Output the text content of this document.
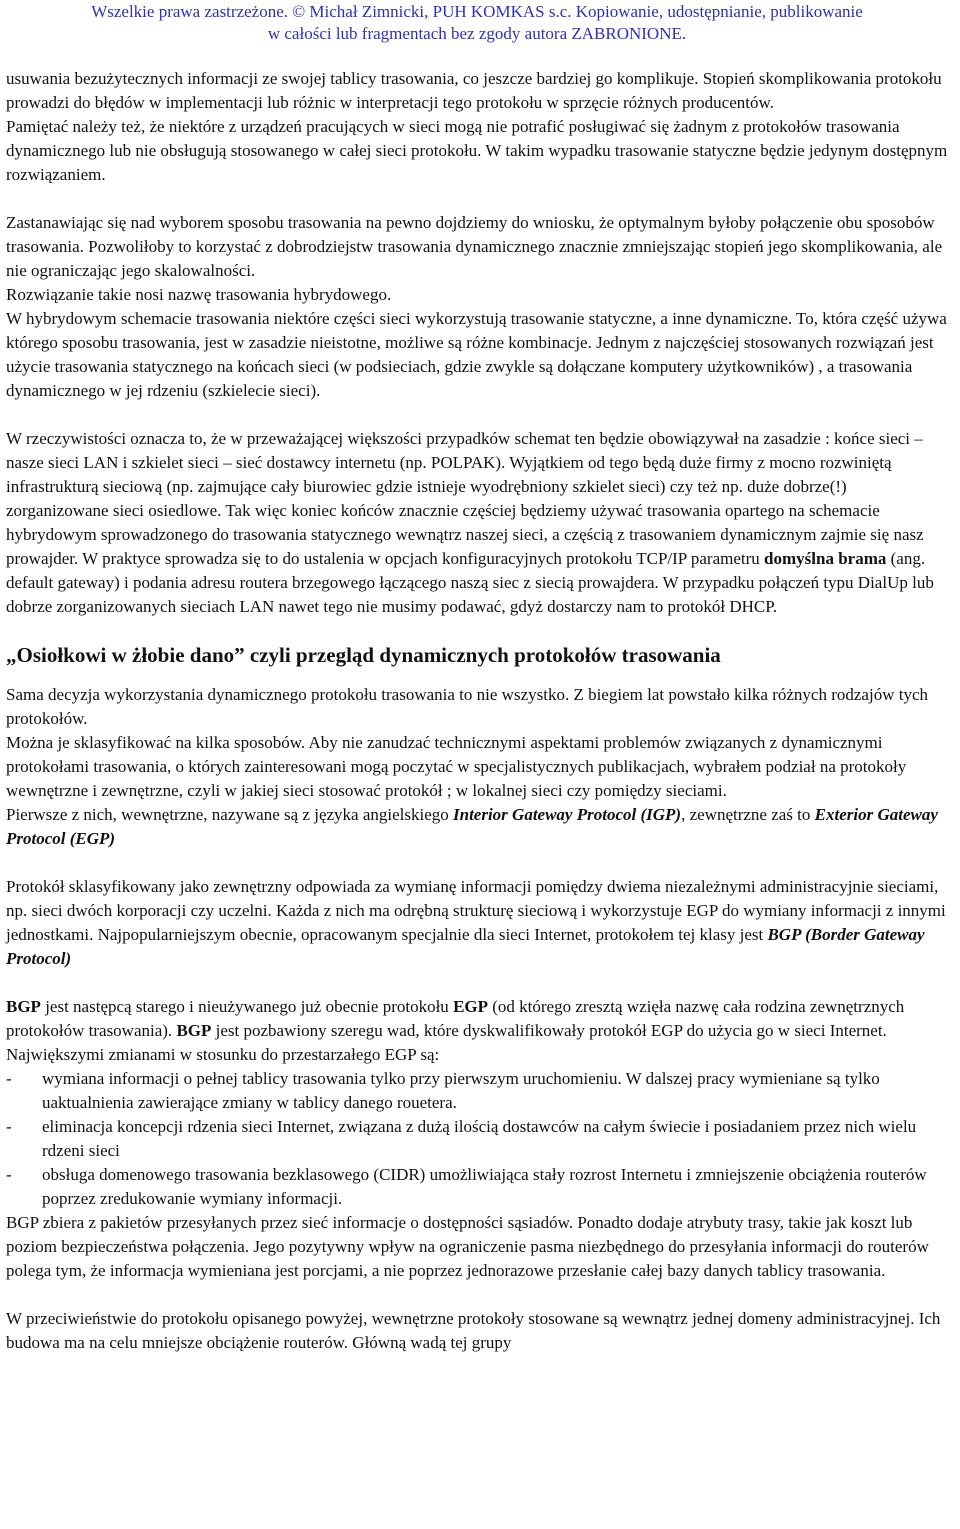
Wszelkie prawa zastrzeżone. © Michał Zimnicki, PUH KOMKAS s.c. Kopiowanie, udostępnianie, publikowanie
w całości lub fragmentach bez zgody autora ZABRONIONE.

usuwania bezużytecznych informacji ze swojej tablicy trasowania, co jeszcze bardziej go komplikuje. Stopień skomplikowania protokołu prowadzi do błędów w implementacji lub różnic w interpretacji tego protokołu w sprzęcie różnych producentów.

Pamiętać należy też, że niektóre z urządzeń pracujących w sieci mogą nie potrafić posługiwać się żadnym z protokołów trasowania dynamicznego lub nie obsługują stosowanego w całej sieci protokołu. W takim wypadku trasowanie statyczne będzie jedynym dostępnym rozwiązaniem.

Zastanawiając się nad wyborem sposobu trasowania na pewno dojdziemy do wniosku, że optymalnym byłoby połączenie obu sposobów trasowania. Pozwoliłoby to korzystać z dobrodziejstw trasowania dynamicznego znacznie zmniejszając stopień jego skomplikowania, ale nie ograniczając jego skalowalności.

Rozwiązanie takie nosi nazwę trasowania hybrydowego.

W hybrydowym schemacie trasowania niektóre części sieci wykorzystują trasowanie statyczne, a inne dynamiczne. To, która część używa którego sposobu trasowania, jest w zasadzie nieistotne, możliwe są różne kombinacje. Jednym z najczęściej stosowanych rozwiązań jest użycie trasowania statycznego na końcach sieci (w podsieciach, gdzie zwykle są dołączane komputery użytkowników) , a trasowania dynamicznego w jej rdzeniu (szkielecie sieci).

W rzeczywistości oznacza to, że w przeważającej większości przypadków schemat ten będzie obowiązywał na zasadzie : końce sieci – nasze sieci LAN i szkielet sieci – sieć dostawcy internetu (np. POLPAK). Wyjątkiem od tego będą duże firmy z mocno rozwiniętą infrastrukturą sieciową (np. zajmujące cały biurowiec gdzie istnieje wyodrębniony szkielet sieci) czy też np. duże dobrze(!) zorganizowane sieci osiedlowe. Tak więc koniec końców znacznie częściej będziemy używać trasowania opartego na schemacie hybrydowym sprowadzonego do trasowania statycznego wewnątrz naszej sieci, a częścią z trasowaniem dynamicznym zajmie się nasz prowajder. W praktyce sprowadza się to do ustalenia w opcjach konfiguracyjnych protokołu TCP/IP parametru domyślna brama (ang. default gateway) i podania adresu routera brzegowego łączącego naszą siec z siecią prowajdera. W przypadku połączeń typu DialUp lub dobrze zorganizowanych sieciach LAN nawet tego nie musimy podawać, gdyż dostarczy nam to protokół DHCP.

„Osiołkowi w żłobie dano” czyli przegląd dynamicznych protokołów trasowania

Sama decyzja wykorzystania dynamicznego protokołu trasowania to nie wszystko. Z biegiem lat powstało kilka różnych rodzajów tych protokołów.

Można je sklasyfikować na kilka sposobów. Aby nie zanudzać technicznymi aspektami problemów związanych z dynamicznymi protokołami trasowania, o których zainteresowani mogą poczytać w specjalistycznych publikacjach, wybrałem podział na protokoły wewnętrzne i zewnętrzne, czyli w jakiej sieci stosować protokół ; w lokalnej sieci czy pomiędzy sieciami.

Pierwsze z nich, wewnętrzne, nazywane są z języka angielskiego Interior Gateway Protocol (IGP), zewnętrzne zaś to Exterior Gateway Protocol (EGP)

Protokół sklasyfikowany jako zewnętrzny odpowiada za wymianę informacji pomiędzy dwiema niezależnymi administracyjnie sieciami, np. sieci dwóch korporacji czy uczelni. Każda z nich ma odrębną strukturę sieciową i wykorzystuje EGP do wymiany informacji z innymi jednostkami. Najpopularniejszym obecnie, opracowanym specjalnie dla sieci Internet, protokołem tej klasy jest BGP (Border Gateway Protocol)

BGP jest następcą starego i nieużywanego już obecnie protokołu EGP (od którego zresztą wzięła nazwę cała rodzina zewnętrznych protokołów trasowania). BGP jest pozbawiony szeregu wad, które dyskwalifikowały protokół EGP do użycia go w sieci Internet. Największymi zmianami w stosunku do przestarzałego EGP są:

- wymiana informacji o pełnej tablicy trasowania tylko przy pierwszym uruchomieniu. W dalszej pracy wymieniane są tylko uaktualnienia zawierające zmiany w tablicy danego rouetera.
- eliminacja koncepcji rdzenia sieci Internet, związana z dużą ilością dostawców na całym świecie i posiadaniem przez nich wielu rdzeni sieci
- obsługa domenowego trasowania bezklasowego (CIDR) umożliwiająca stały rozrost Internetu i zmniejszenie obciążenia routerów poprzez zredukowanie wymiany informacji.

BGP zbiera z pakietów przesyłanych przez sieć informacje o dostępności sąsiadów. Ponadto dodaje atrybuty trasy, takie jak koszt lub poziom bezpieczeństwa połączenia. Jego pozytywny wpływ na ograniczenie pasma niezbędnego do przesyłania informacji do routerów polega tym, że informacja wymieniana jest porcjami, a nie poprzez jednorazowe przesłanie całej bazy danych tablicy trasowania.

W przeciwieństwie do protokołu opisanego powyżej, wewnętrzne protokoły stosowane są wewnątrz jednej domeny administracyjnej. Ich budowa ma na celu mniejsze obciążenie routerów. Główną wadą tej grupy
